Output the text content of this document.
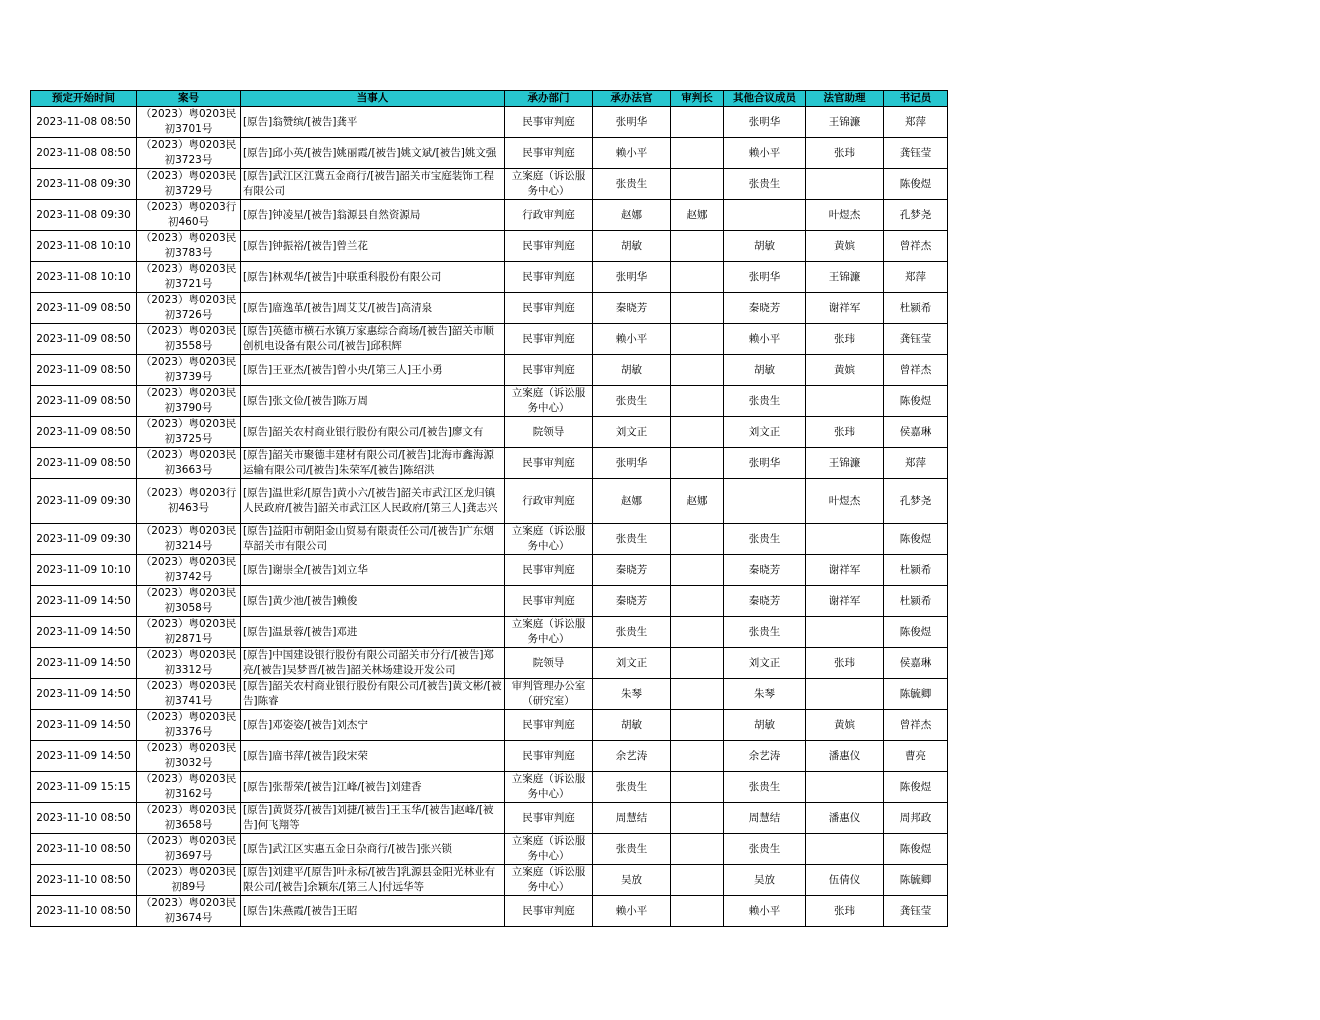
预定开始时间	案号	当事人	承办部门	承办法官	审判长	其他合议成员	法官助理	书记员
2023-11-08 08:50	（2023）粤0203民初3701号	[原告]翁赞缤/[被告]龚平	民事审判庭	张明华		张明华	王锦濂	郑萍
2023-11-08 08:50	（2023）粤0203民初3723号	[原告]邱小英/[被告]姚丽霞/[被告]姚文斌/[被告]姚文强	民事审判庭	赖小平		赖小平	张玮	龚钰莹
2023-11-08 09:30	（2023）粤0203民初3729号	[原告]武江区江冀五金商行/[被告]韶关市宝庭装饰工程有限公司	立案庭（诉讼服务中心）	张贵生		张贵生		陈俊煜
2023-11-08 09:30	（2023）粤0203行初460号	[原告]钟凌星/[被告]翁源县自然资源局	行政审判庭	赵娜	赵娜		叶煜杰	孔梦尧
2023-11-08 10:10	（2023）粤0203民初3783号	[原告]钟振裕/[被告]曾兰花	民事审判庭	胡敏		胡敏	黄嫔	曾祥杰
2023-11-08 10:10	（2023）粤0203民初3721号	[原告]林观华/[被告]中联重科股份有限公司	民事审判庭	张明华		张明华	王锦濂	郑萍
2023-11-09 08:50	（2023）粤0203民初3726号	[原告]庿逸革/[被告]周艾艾/[被告]高清泉	民事审判庭	秦晓芳		秦晓芳	谢祥军	杜颍希
2023-11-09 08:50	（2023）粤0203民初3558号	[原告]英德市横石水镇万家惠综合商场/[被告]韶关市顺创机电设备有限公司/[被告]邱积辉	民事审判庭	赖小平		赖小平	张玮	龚钰莹
2023-11-09 08:50	（2023）粤0203民初3739号	[原告]王亚杰/[被告]曾小央/[第三人]王小勇	民事审判庭	胡敏		胡敏	黄嫔	曾祥杰
2023-11-09 08:50	（2023）粤0203民初3790号	[原告]张文俭/[被告]陈万周	立案庭（诉讼服务中心）	张贵生		张贵生		陈俊煜
2023-11-09 08:50	（2023）粤0203民初3725号	[原告]韶关农村商业银行股份有限公司/[被告]廖文有	院领导	刘文正		刘文正	张玮	侯嘉琳
2023-11-09 08:50	（2023）粤0203民初3663号	[原告]韶关市聚德丰建材有限公司/[被告]北海市鑫海源运输有限公司/[被告]朱荣军/[被告]陈绍洪	民事审判庭	张明华		张明华	王锦濂	郑萍
2023-11-09 09:30	（2023）粤0203行初463号	[原告]温世彩/[原告]黄小六/[被告]韶关市武江区龙归镇人民政府/[被告]韶关市武江区人民政府/[第三人]龚志兴	行政审判庭	赵娜	赵娜		叶煜杰	孔梦尧
2023-11-09 09:30	（2023）粤0203民初3214号	[原告]益阳市朝阳金山贸易有限责任公司/[被告]广东烟草韶关市有限公司	立案庭（诉讼服务中心）	张贵生		张贵生		陈俊煜
2023-11-09 10:10	（2023）粤0203民初3742号	[原告]谢崇全/[被告]刘立华	民事审判庭	秦晓芳		秦晓芳	谢祥军	杜颍希
2023-11-09 14:50	（2023）粤0203民初3058号	[原告]黄少池/[被告]赖俊	民事审判庭	秦晓芳		秦晓芳	谢祥军	杜颍希
2023-11-09 14:50	（2023）粤0203民初2871号	[原告]温景蓉/[被告]邓进	立案庭（诉讼服务中心）	张贵生		张贵生		陈俊煜
2023-11-09 14:50	（2023）粤0203民初3312号	[原告]中国建设银行股份有限公司韶关市分行/[被告]郑亮/[被告]吴梦晋/[被告]韶关林场建设开发公司	院领导	刘文正		刘文正	张玮	侯嘉琳
2023-11-09 14:50	（2023）粤0203民初3741号	[原告]韶关农村商业银行股份有限公司/[被告]黄文彬/[被告]陈睿	审判管理办公室（研究室）	朱琴		朱琴		陈毓卿
2023-11-09 14:50	（2023）粤0203民初3376号	[原告]邓姿姿/[被告]刘杰宁	民事审判庭	胡敏		胡敏	黄嫔	曾祥杰
2023-11-09 14:50	（2023）粤0203民初3032号	[原告]庿书萍/[被告]段宋荣	民事审判庭	余艺涛		余艺涛	潘惠仪	曹亮
2023-11-09 15:15	（2023）粤0203民初3162号	[原告]张帮荣/[被告]江峰/[被告]刘建香	立案庭（诉讼服务中心）	张贵生		张贵生		陈俊煜
2023-11-10 08:50	（2023）粤0203民初3658号	[原告]黄贤芬/[被告]刘捷/[被告]王玉华/[被告]赵峰/[被告]何飞翔等	民事审判庭	周慧结		周慧结	潘惠仪	周邦政
2023-11-10 08:50	（2023）粤0203民初3697号	[原告]武江区实惠五金日杂商行/[被告]张兴锁	立案庭（诉讼服务中心）	张贵生		张贵生		陈俊煜
2023-11-10 08:50	（2023）粤0203民初89号	[原告]刘建平/[原告]叶永标/[被告]乳源县金阳光林业有限公司/[被告]余颖东/[第三人]付远华等	立案庭（诉讼服务中心）	吴放		吴放	伍倩仪	陈毓卿
2023-11-10 08:50	（2023）粤0203民初3674号	[原告]朱燕霞/[被告]王昭	民事审判庭	赖小平		赖小平	张玮	龚钰莹
